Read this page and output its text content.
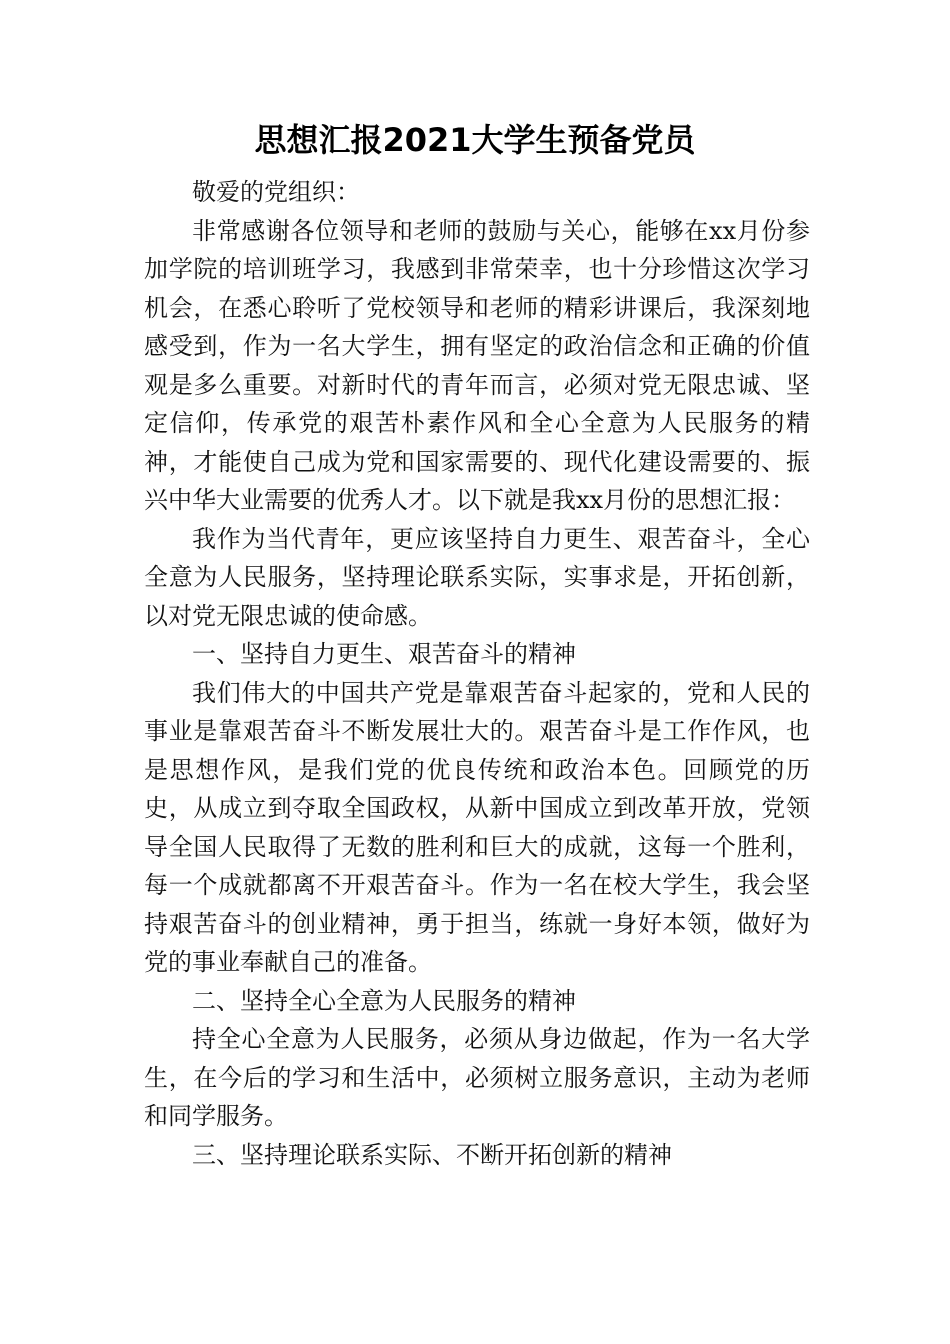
思想汇报2021大学生预备党员

敬爱的党组织：

非常感谢各位领导和老师的鼓励与关心，能够在xx月份参加学院的培训班学习，我感到非常荣幸，也十分珍惜这次学习机会，在悉心聆听了党校领导和老师的精彩讲课后，我深刻地感受到，作为一名大学生，拥有坚定的政治信念和正确的价值观是多么重要。对新时代的青年而言，必须对党无限忠诚、坚定信仰，传承党的艰苦朴素作风和全心全意为人民服务的精神，才能使自己成为党和国家需要的、现代化建设需要的、振兴中华大业需要的优秀人才。以下就是我xx月份的思想汇报：

我作为当代青年，更应该坚持自力更生、艰苦奋斗，全心全意为人民服务，坚持理论联系实际，实事求是，开拓创新，以对党无限忠诚的使命感。

一、坚持自力更生、艰苦奋斗的精神

我们伟大的中国共产党是靠艰苦奋斗起家的，党和人民的事业是靠艰苦奋斗不断发展壮大的。艰苦奋斗是工作作风，也是思想作风，是我们党的优良传统和政治本色。回顾党的历史，从成立到夺取全国政权，从新中国成立到改革开放，党领导全国人民取得了无数的胜利和巨大的成就，这每一个胜利，每一个成就都离不开艰苦奋斗。作为一名在校大学生，我会坚持艰苦奋斗的创业精神，勇于担当，练就一身好本领，做好为党的事业奉献自己的准备。

二、坚持全心全意为人民服务的精神

持全心全意为人民服务，必须从身边做起，作为一名大学生，在今后的学习和生活中，必须树立服务意识，主动为老师和同学服务。

三、坚持理论联系实际、不断开拓创新的精神
